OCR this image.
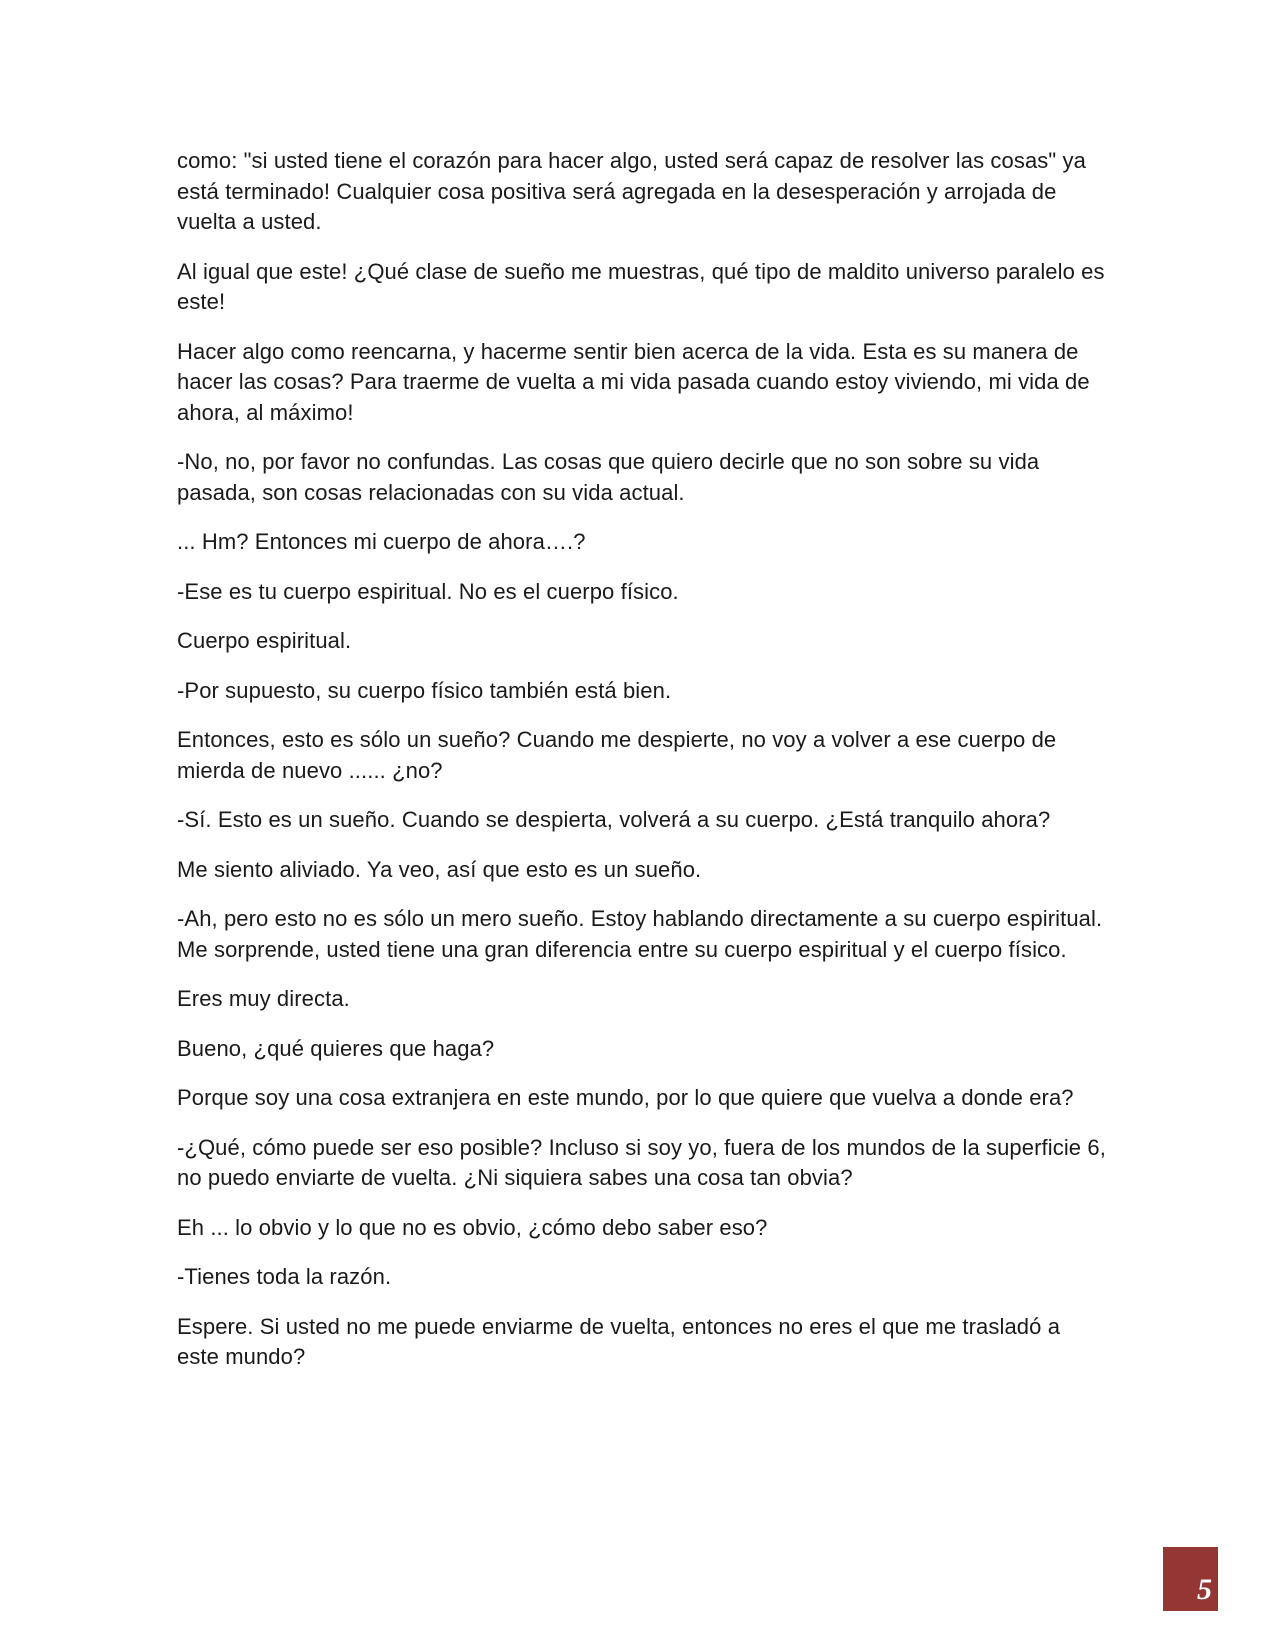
como: "si usted tiene el corazón para hacer algo, usted será capaz de resolver las cosas" ya está terminado! Cualquier cosa positiva será agregada en la desesperación y arrojada de vuelta a usted.

Al igual que este! ¿Qué clase de sueño me muestras, qué tipo de maldito universo paralelo es este!

Hacer algo como reencarna, y hacerme sentir bien acerca de la vida. Esta es su manera de hacer las cosas? Para traerme de vuelta a mi vida pasada cuando estoy viviendo, mi vida de ahora, al máximo!

-No, no, por favor no confundas. Las cosas que quiero decirle que no son sobre su vida pasada, son cosas relacionadas con su vida actual.

... Hm? Entonces mi cuerpo de ahora….?

-Ese es tu cuerpo espiritual. No es el cuerpo físico.

Cuerpo espiritual.

-Por supuesto, su cuerpo físico también está bien.

Entonces, esto es sólo un sueño? Cuando me despierte, no voy a volver a ese cuerpo de mierda de nuevo ...... ¿no?

-Sí. Esto es un sueño. Cuando se despierta, volverá a su cuerpo. ¿Está tranquilo ahora?

Me siento aliviado. Ya veo, así que esto es un sueño.

-Ah, pero esto no es sólo un mero sueño. Estoy hablando directamente a su cuerpo espiritual. Me sorprende, usted tiene una gran diferencia entre su cuerpo espiritual y el cuerpo físico.

Eres muy directa.

Bueno, ¿qué quieres que haga?

Porque soy una cosa extranjera en este mundo, por lo que quiere que vuelva a donde era?

-¿Qué, cómo puede ser eso posible? Incluso si soy yo, fuera de los mundos de la superficie 6, no puedo enviarte de vuelta. ¿Ni siquiera sabes una cosa tan obvia?

Eh ... lo obvio y lo que no es obvio, ¿cómo debo saber eso?

-Tienes toda la razón.

Espere. Si usted no me puede enviarme de vuelta, entonces no eres el que me trasladó a este mundo?

5
